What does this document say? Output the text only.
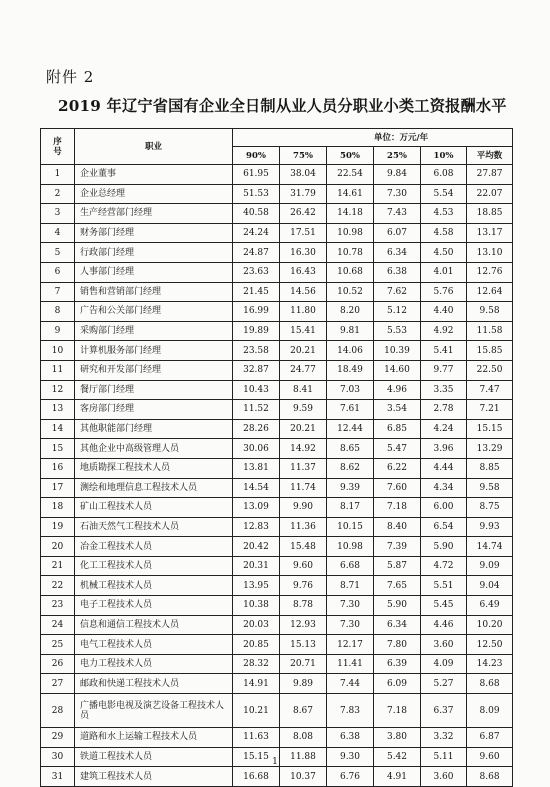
附件 2
2019 年辽宁省国有企业全日制从业人员分职业小类工资报酬水平
序
号	职业	单位：万元/年					
		90%	75%	50%	25%	10%	平均数
1	企业董事	61.95	38.04	22.54	9.84	6.08	27.87
2	企业总经理	51.53	31.79	14.61	7.30	5.54	22.07
3	生产经营部门经理	40.58	26.42	14.18	7.43	4.53	18.85
4	财务部门经理	24.24	17.51	10.98	6.07	4.58	13.17
5	行政部门经理	24.87	16.30	10.78	6.34	4.50	13.10
6	人事部门经理	23.63	16.43	10.68	6.38	4.01	12.76
7	销售和营销部门经理	21.45	14.56	10.52	7.62	5.76	12.64
8	广告和公关部门经理	16.99	11.80	8.20	5.12	4.40	9.58
9	采购部门经理	19.89	15.41	9.81	5.53	4.92	11.58
10	计算机服务部门经理	23.58	20.21	14.06	10.39	5.41	15.85
11	研究和开发部门经理	32.87	24.77	18.49	14.60	9.77	22.50
12	餐厅部门经理	10.43	8.41	7.03	4.96	3.35	7.47
13	客房部门经理	11.52	9.59	7.61	3.54	2.78	7.21
14	其他职能部门经理	28.26	20.21	12.44	6.85	4.24	15.15
15	其他企业中高级管理人员	30.06	14.92	8.65	5.47	3.96	13.29
16	地质勘探工程技术人员	13.81	11.37	8.62	6.22	4.44	8.85
17	测绘和地理信息工程技术人员	14.54	11.74	9.39	7.60	4.34	9.58
18	矿山工程技术人员	13.09	9.90	8.17	7.18	6.00	8.75
19	石油天然气工程技术人员	12.83	11.36	10.15	8.40	6.54	9.93
20	冶金工程技术人员	20.42	15.48	10.98	7.39	5.90	14.74
21	化工工程技术人员	20.31	9.60	6.68	5.87	4.72	9.09
22	机械工程技术人员	13.95	9.76	8.71	7.65	5.51	9.04
23	电子工程技术人员	10.38	8.78	7.30	5.90	5.45	6.49
24	信息和通信工程技术人员	20.03	12.93	7.30	6.34	4.46	10.20
25	电气工程技术人员	20.85	15.13	12.17	7.80	3.60	12.50
26	电力工程技术人员	28.32	20.71	11.41	6.39	4.09	14.23
27	邮政和快递工程技术人员	14.91	9.89	7.44	6.09	5.27	8.68
28	广播电影电视及演艺设备工程技术人员	10.21	8.67	7.83	7.18	6.37	8.09
29	道路和水上运输工程技术人员	11.63	8.08	6.38	3.80	3.32	6.87
30	铁道工程技术人员	15.15	11.88	9.30	5.42	5.11	9.60
31	建筑工程技术人员	16.68	10.37	6.76	4.91	3.60	8.68
1
